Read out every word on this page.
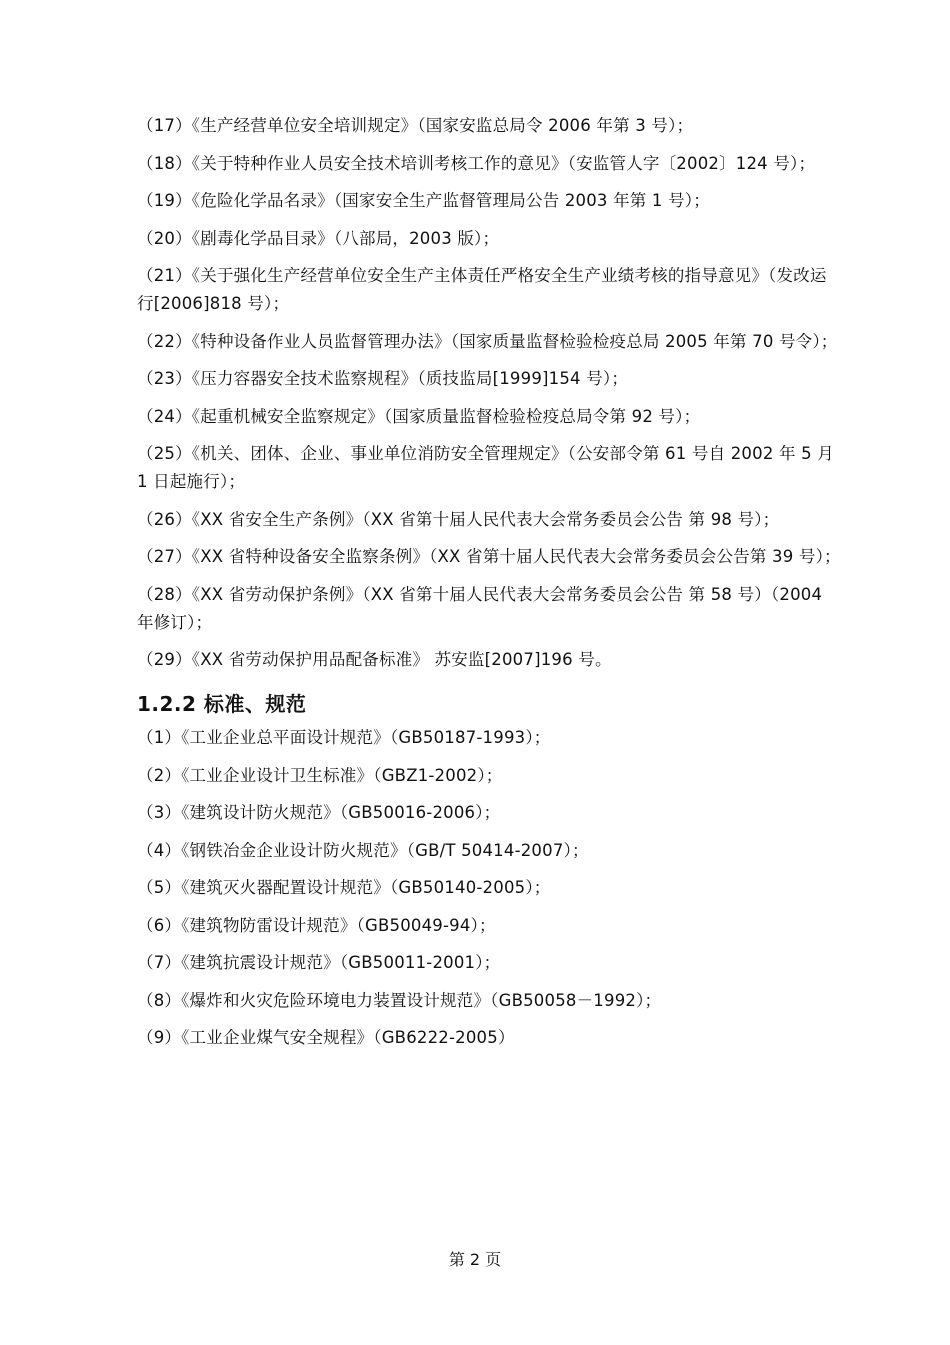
（17）《生产经营单位安全培训规定》（国家安监总局令 2006 年第 3 号）；

（18）《关于特种作业人员安全技术培训考核工作的意见》（安监管人字〔2002〕124 号）；

（19）《危险化学品名录》（国家安全生产监督管理局公告 2003 年第 1 号）；

（20）《剧毒化学品目录》（八部局，2003 版）；

（21）《关于强化生产经营单位安全生产主体责任严格安全生产业绩考核的指导意见》（发改运行[2006]818 号）；

（22）《特种设备作业人员监督管理办法》（国家质量监督检验检疫总局 2005 年第 70 号令）；

（23）《压力容器安全技术监察规程》（质技监局[1999]154 号）；

（24）《起重机械安全监察规定》（国家质量监督检验检疫总局令第 92 号）；

（25）《机关、团体、企业、事业单位消防安全管理规定》（公安部令第 61 号自 2002 年 5 月 1 日起施行）；

（26）《XX 省安全生产条例》（XX 省第十届人民代表大会常务委员会公告 第 98 号）；

（27）《XX 省特种设备安全监察条例》（XX 省第十届人民代表大会常务委员会公告第 39 号）；

（28）《XX 省劳动保护条例》（XX 省第十届人民代表大会常务委员会公告 第 58 号）（2004 年修订）；

（29）《XX 省劳动保护用品配备标准》 苏安监[2007]196 号。

1.2.2 标准、规范

（1）《工业企业总平面设计规范》（GB50187-1993）；

（2）《工业企业设计卫生标准》（GBZ1-2002）；

（3）《建筑设计防火规范》（GB50016-2006）；

（4）《钢铁冶金企业设计防火规范》（GB/T 50414-2007）；

（5）《建筑灭火器配置设计规范》（GB50140-2005）；

（6）《建筑物防雷设计规范》（GB50049-94）；

（7）《建筑抗震设计规范》（GB50011-2001）；

（8）《爆炸和火灾危险环境电力装置设计规范》（GB50058－1992）；

（9）《工业企业煤气安全规程》（GB6222-2005）

第 2 页
